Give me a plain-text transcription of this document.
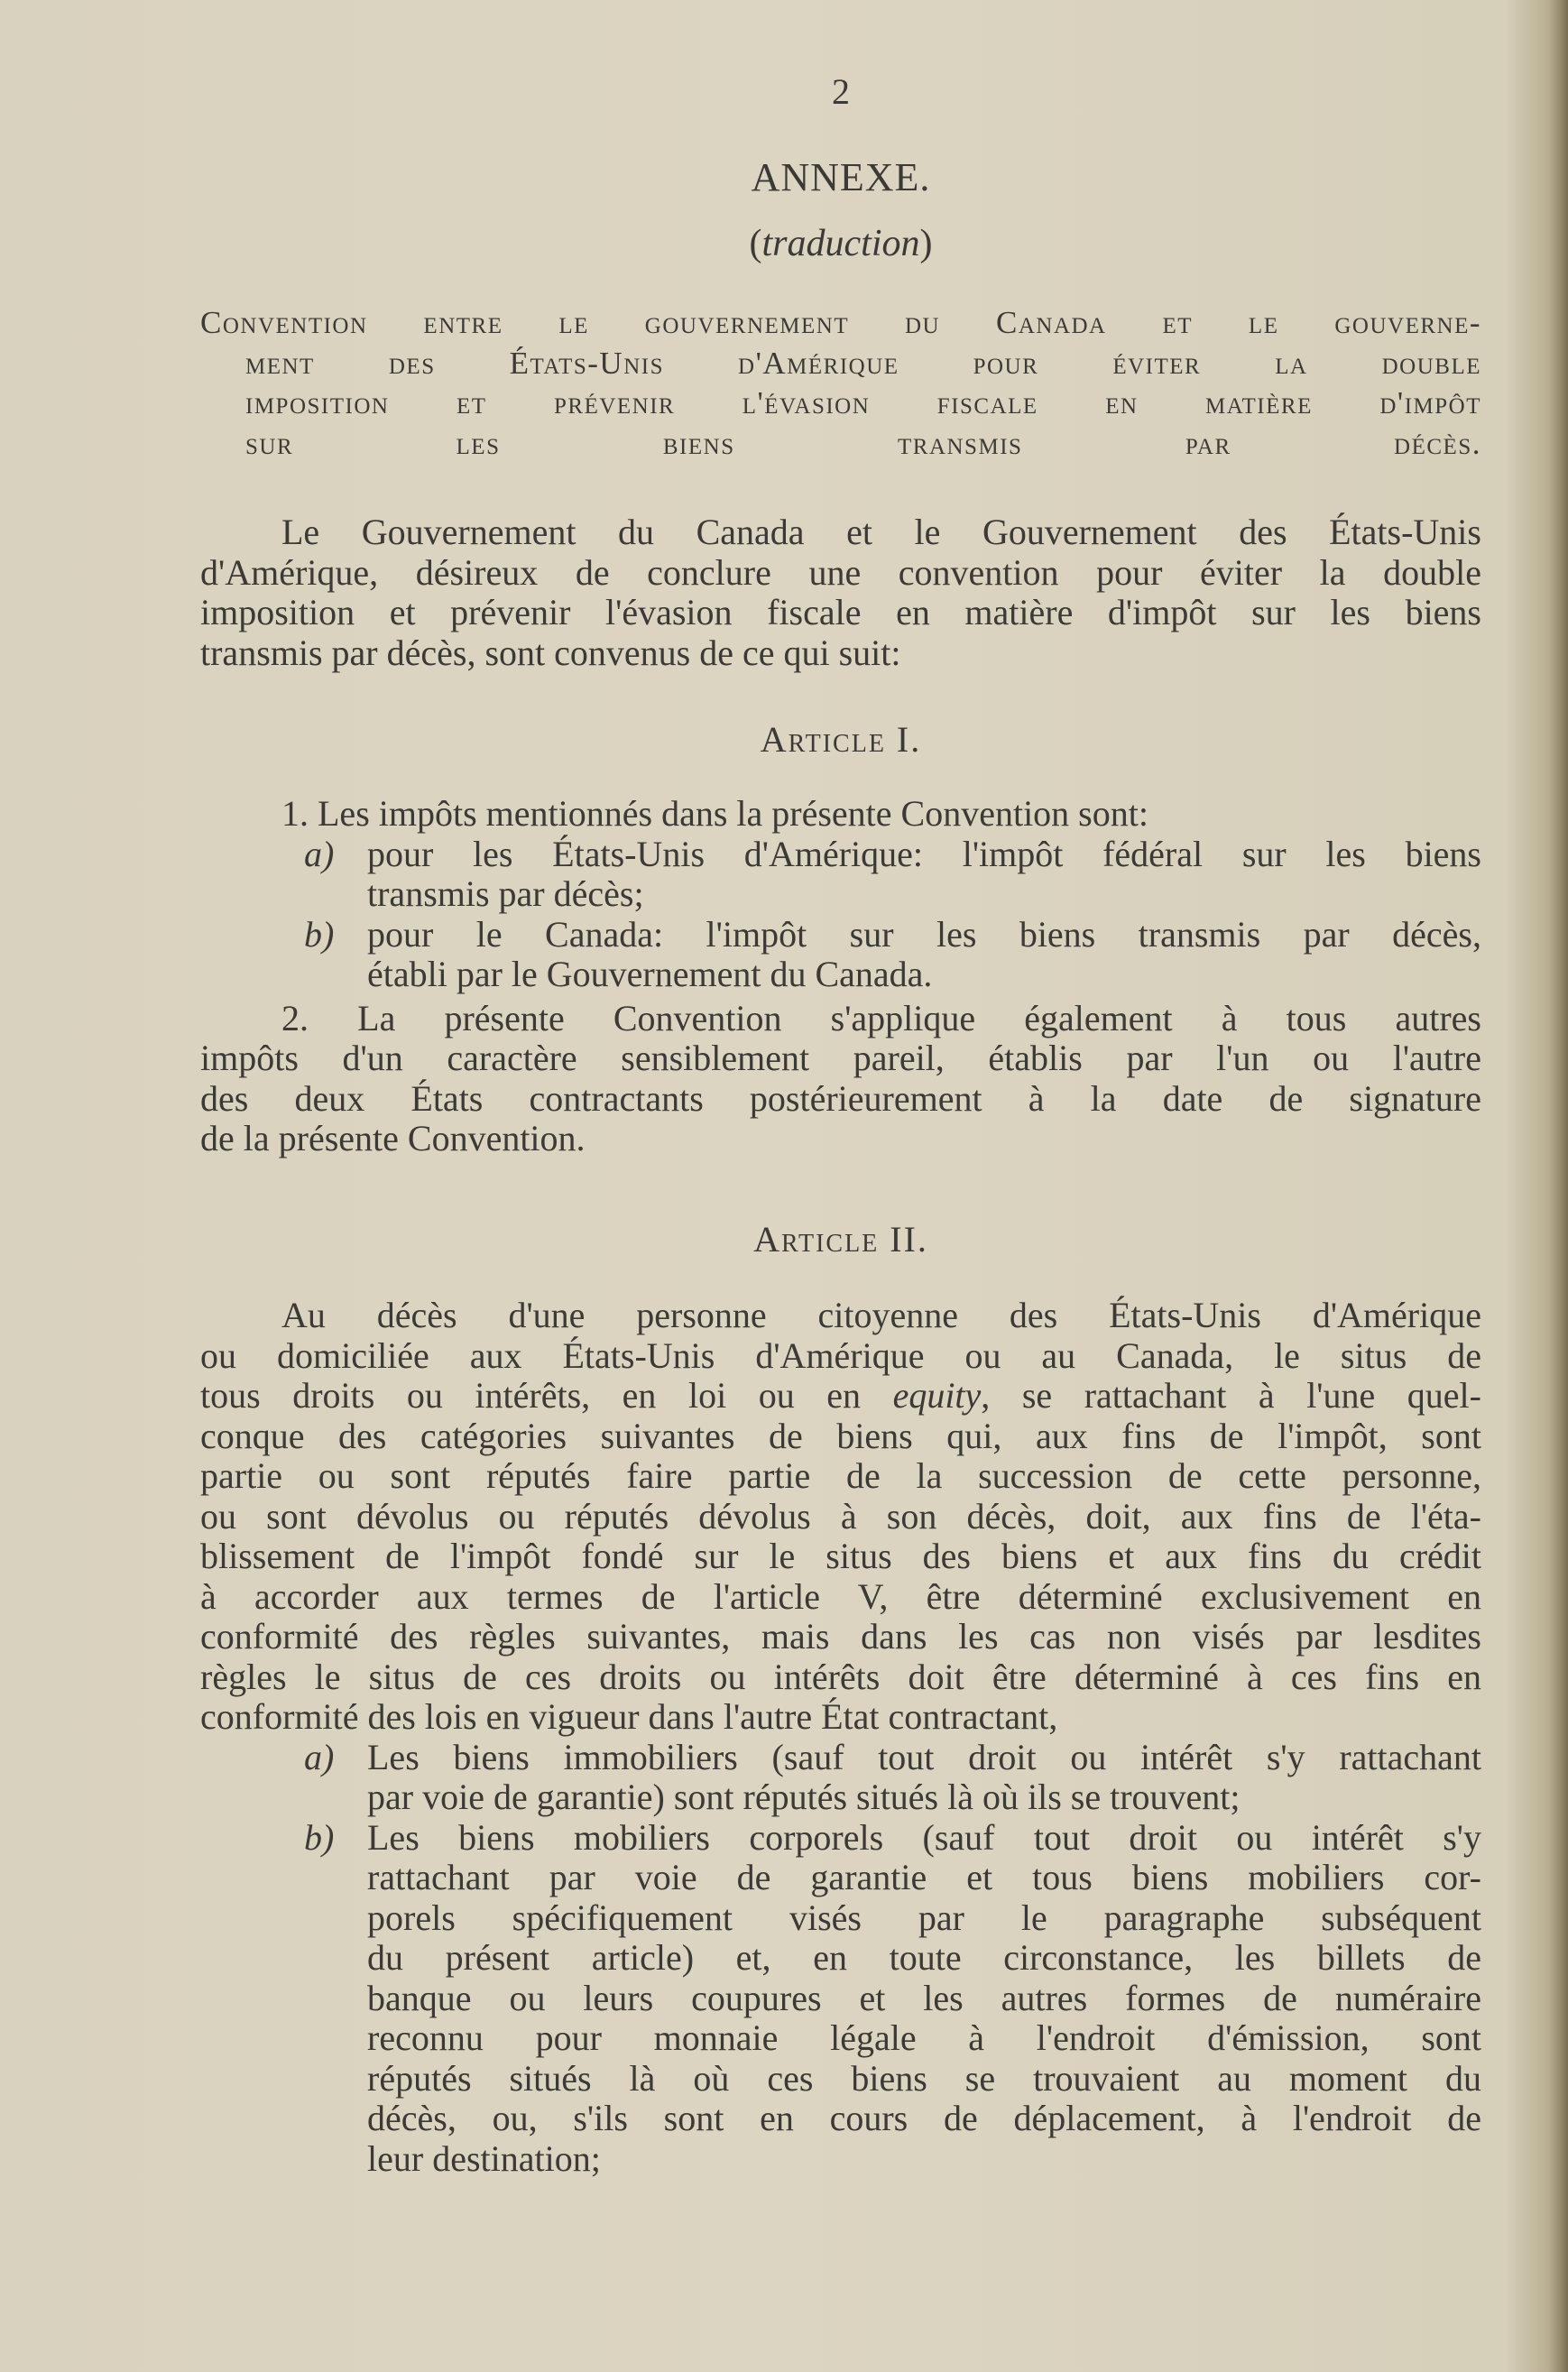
2
ANNEXE.
(traduction)
Convention entre le gouvernement du Canada et le gouverne-
ment des États-Unis d'Amérique pour éviter la double
imposition et prévenir l'évasion fiscale en matière d'impôt
sur les biens transmis par décès.
Le Gouvernement du Canada et le Gouvernement des États-Unis
d'Amérique, désireux de conclure une convention pour éviter la double
imposition et prévenir l'évasion fiscale en matière d'impôt sur les biens
transmis par décès, sont convenus de ce qui suit:
Article I.
1. Les impôts mentionnés dans la présente Convention sont:
a) pour les États-Unis d'Amérique: l'impôt fédéral sur les biens
transmis par décès;
b) pour le Canada: l'impôt sur les biens transmis par décès,
établi par le Gouvernement du Canada.
2. La présente Convention s'applique également à tous autres
impôts d'un caractère sensiblement pareil, établis par l'un ou l'autre
des deux États contractants postérieurement à la date de signature
de la présente Convention.
Article II.
Au décès d'une personne citoyenne des États-Unis d'Amérique
ou domiciliée aux États-Unis d'Amérique ou au Canada, le situs de
tous droits ou intérêts, en loi ou en equity, se rattachant à l'une quel-
conque des catégories suivantes de biens qui, aux fins de l'impôt, sont
partie ou sont réputés faire partie de la succession de cette personne,
ou sont dévolus ou réputés dévolus à son décès, doit, aux fins de l'éta-
blissement de l'impôt fondé sur le situs des biens et aux fins du crédit
à accorder aux termes de l'article V, être déterminé exclusivement en
conformité des règles suivantes, mais dans les cas non visés par lesdites
règles le situs de ces droits ou intérêts doit être déterminé à ces fins en
conformité des lois en vigueur dans l'autre État contractant,
a) Les biens immobiliers (sauf tout droit ou intérêt s'y rattachant
par voie de garantie) sont réputés situés là où ils se trouvent;
b) Les biens mobiliers corporels (sauf tout droit ou intérêt s'y
rattachant par voie de garantie et tous biens mobiliers cor-
porels spécifiquement visés par le paragraphe subséquent
du présent article) et, en toute circonstance, les billets de
banque ou leurs coupures et les autres formes de numéraire
reconnu pour monnaie légale à l'endroit d'émission, sont
réputés situés là où ces biens se trouvaient au moment du
décès, ou, s'ils sont en cours de déplacement, à l'endroit de
leur destination;
